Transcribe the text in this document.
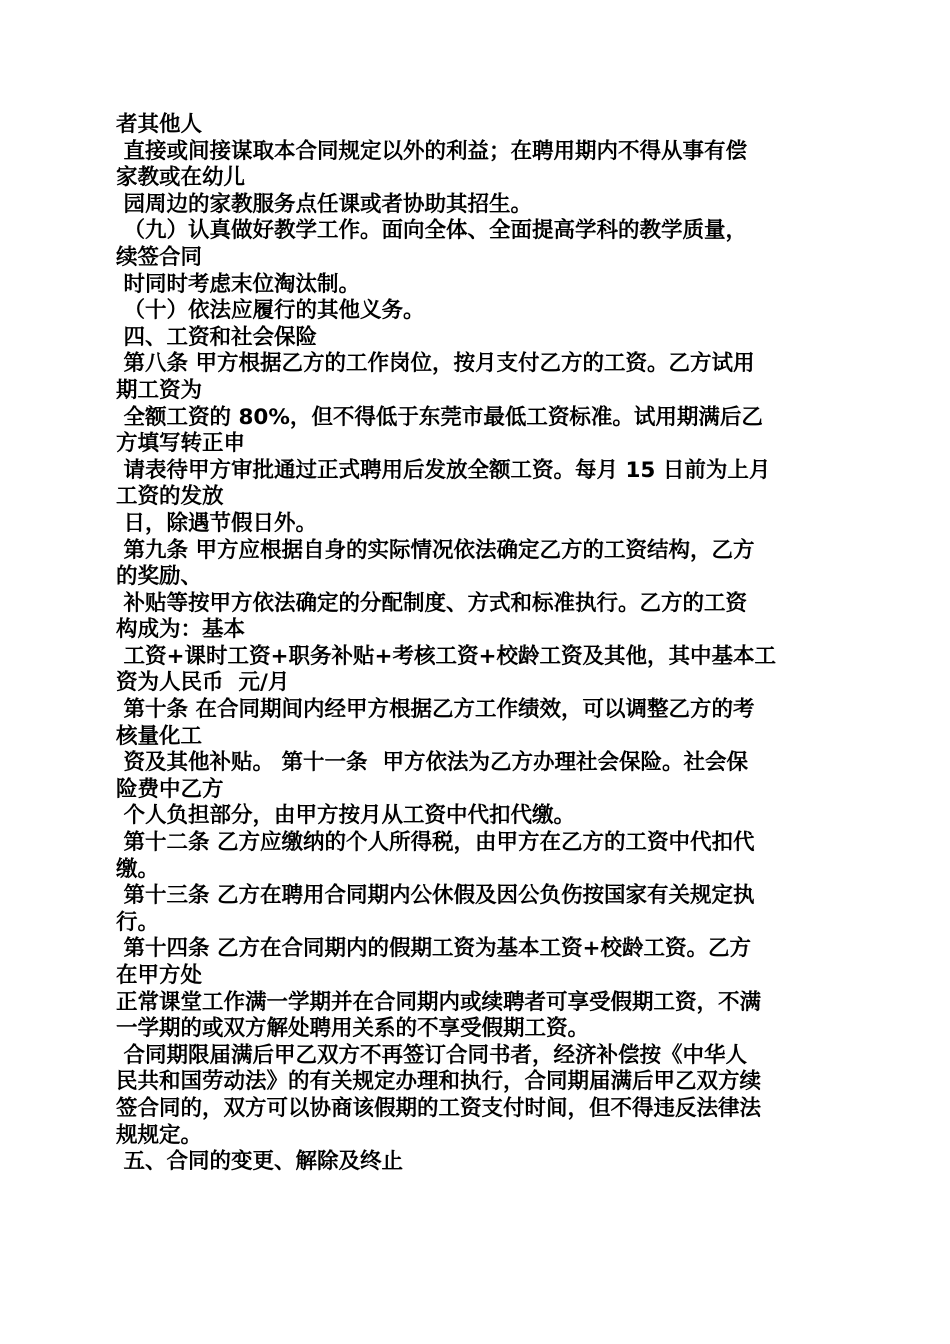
者其他人
直接或间接谋取本合同规定以外的利益；在聘用期内不得从事有偿
家教或在幼儿
园周边的家教服务点任课或者协助其招生。
（九）认真做好教学工作。面向全体、全面提高学科的教学质量，
续签合同
时同时考虑末位淘汰制。
（十）依法应履行的其他义务。
四、工资和社会保险
第八条 甲方根据乙方的工作岗位，按月支付乙方的工资。乙方试用
期工资为
全额工资的 80%，但不得低于东莞市最低工资标准。试用期满后乙
方填写转正申
请表待甲方审批通过正式聘用后发放全额工资。每月 15 日前为上月
工资的发放
日，除遇节假日外。
第九条 甲方应根据自身的实际情况依法确定乙方的工资结构，乙方
的奖励、
补贴等按甲方依法确定的分配制度、方式和标准执行。乙方的工资
构成为：基本
工资+课时工资+职务补贴+考核工资+校龄工资及其他，其中基本工
资为人民币  元/月
第十条 在合同期间内经甲方根据乙方工作绩效，可以调整乙方的考
核量化工
资及其他补贴。 第十一条  甲方依法为乙方办理社会保险。社会保
险费中乙方
个人负担部分，由甲方按月从工资中代扣代缴。
第十二条 乙方应缴纳的个人所得税，由甲方在乙方的工资中代扣代
缴。
第十三条 乙方在聘用合同期内公休假及因公负伤按国家有关规定执
行。
第十四条 乙方在合同期内的假期工资为基本工资+校龄工资。乙方
在甲方处
正常课堂工作满一学期并在合同期内或续聘者可享受假期工资，不满
一学期的或双方解处聘用关系的不享受假期工资。
合同期限届满后甲乙双方不再签订合同书者，经济补偿按《中华人
民共和国劳动法》的有关规定办理和执行，合同期届满后甲乙双方续
签合同的，双方可以协商该假期的工资支付时间，但不得违反法律法
规规定。
五、合同的变更、解除及终止
